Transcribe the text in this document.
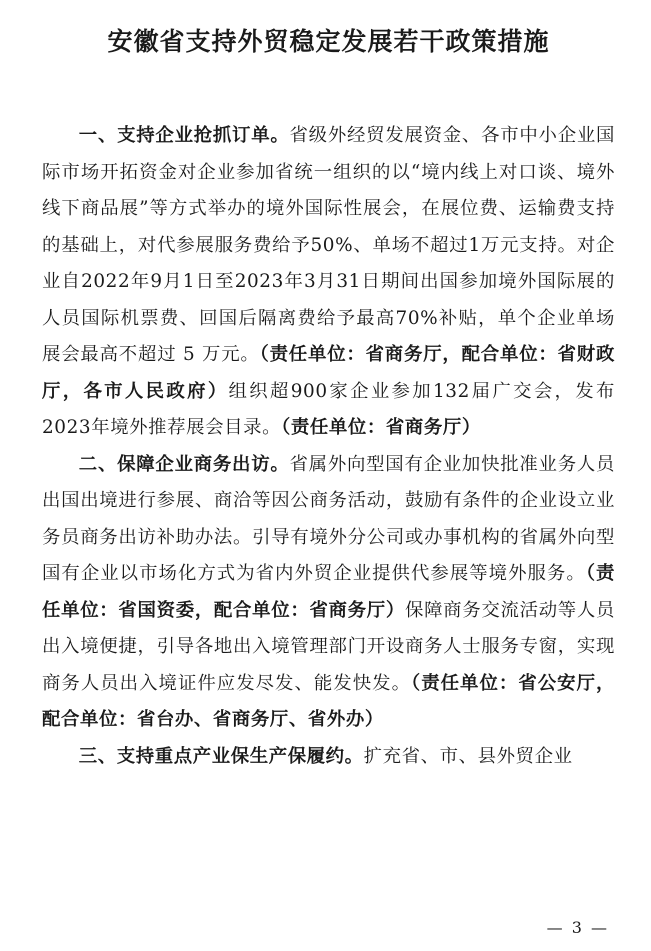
安徽省支持外贸稳定发展若干政策措施

一、支持企业抢抓订单。省级外经贸发展资金、各市中小企业国际市场开拓资金对企业参加省统一组织的以“境内线上对口谈、境外线下商品展”等方式举办的境外国际性展会，在展位费、运输费支持的基础上，对代参展服务费给予50%、单场不超过1万元支持。对企业自2022年9月1日至2023年3月31日期间出国参加境外国际展的人员国际机票费、回国后隔离费给予最高70%补贴，单个企业单场展会最高不超过 5 万元。（责任单位：省商务厅，配合单位：省财政厅，各市人民政府）组织超900家企业参加132届广交会，发布2023年境外推荐展会目录。（责任单位：省商务厅）

二、保障企业商务出访。省属外向型国有企业加快批准业务人员出国出境进行参展、商洽等因公商务活动，鼓励有条件的企业设立业务员商务出访补助办法。引导有境外分公司或办事机构的省属外向型国有企业以市场化方式为省内外贸企业提供代参展等境外服务。（责任单位：省国资委，配合单位：省商务厅）保障商务交流活动等人员出入境便捷，引导各地出入境管理部门开设商务人士服务专窗，实现商务人员出入境证件应发尽发、能发快发。（责任单位：省公安厅，配合单位：省台办、省商务厅、省外办）

三、支持重点产业保生产保履约。扩充省、市、县外贸企业

— 3 —
